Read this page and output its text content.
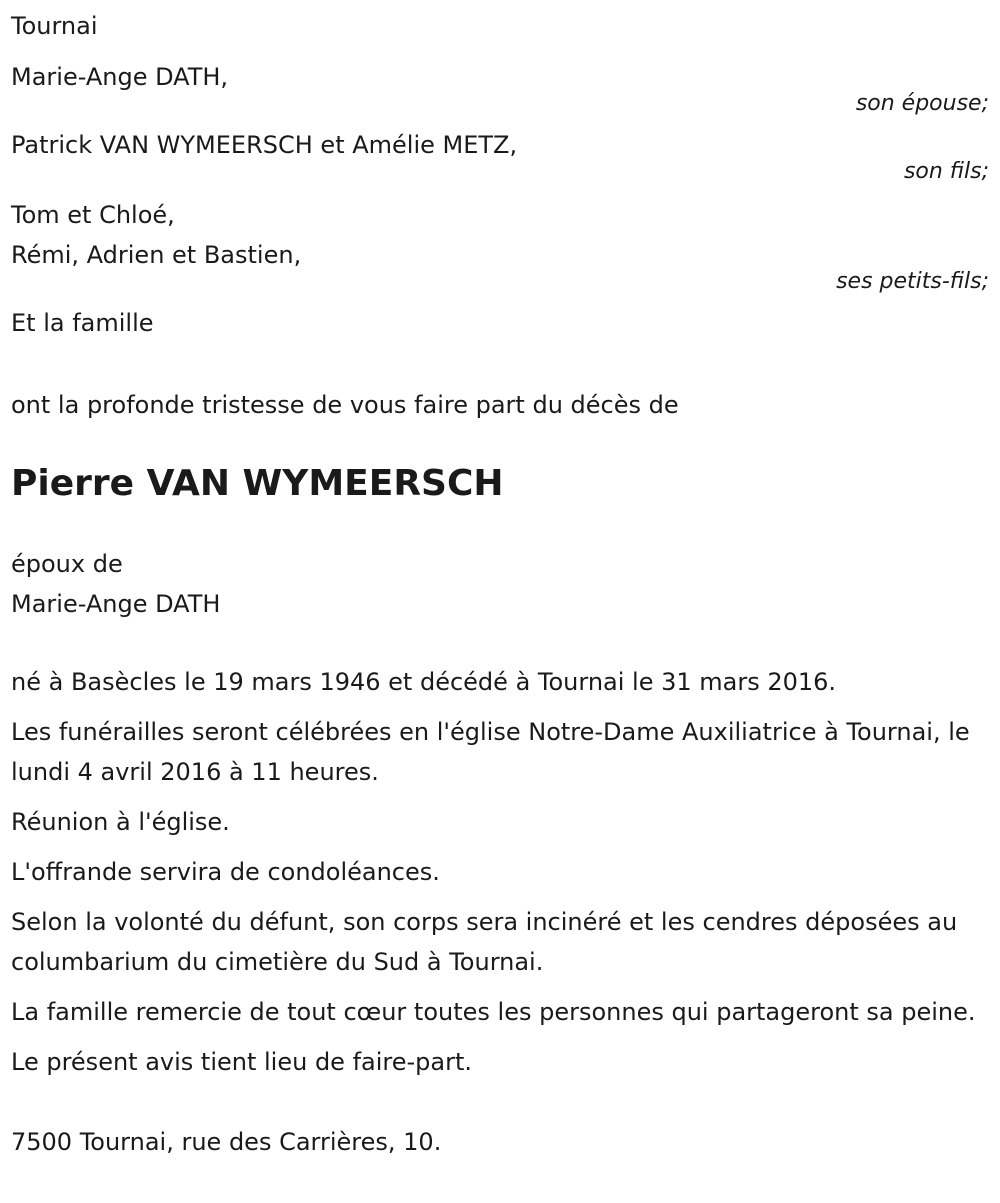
Tournai
Marie-Ange DATH,
son épouse;
Patrick VAN WYMEERSCH et Amélie METZ,
son fils;
Tom et Chloé,
Rémi, Adrien et Bastien,
ses petits-fils;
Et la famille
ont la profonde tristesse de vous faire part du décès de
Pierre VAN WYMEERSCH
époux de
Marie-Ange DATH
né à Basècles le 19 mars 1946 et décédé à Tournai le 31 mars 2016.
Les funérailles seront célébrées en l'église Notre-Dame Auxiliatrice à Tournai, le lundi 4 avril 2016 à 11 heures.
Réunion à l'église.
L'offrande servira de condoléances.
Selon la volonté du défunt, son corps sera incinéré et les cendres déposées au columbarium du cimetière du Sud à Tournai.
La famille remercie de tout cœur toutes les personnes qui partageront sa peine.
Le présent avis tient lieu de faire-part.
7500 Tournai, rue des Carrières, 10.
